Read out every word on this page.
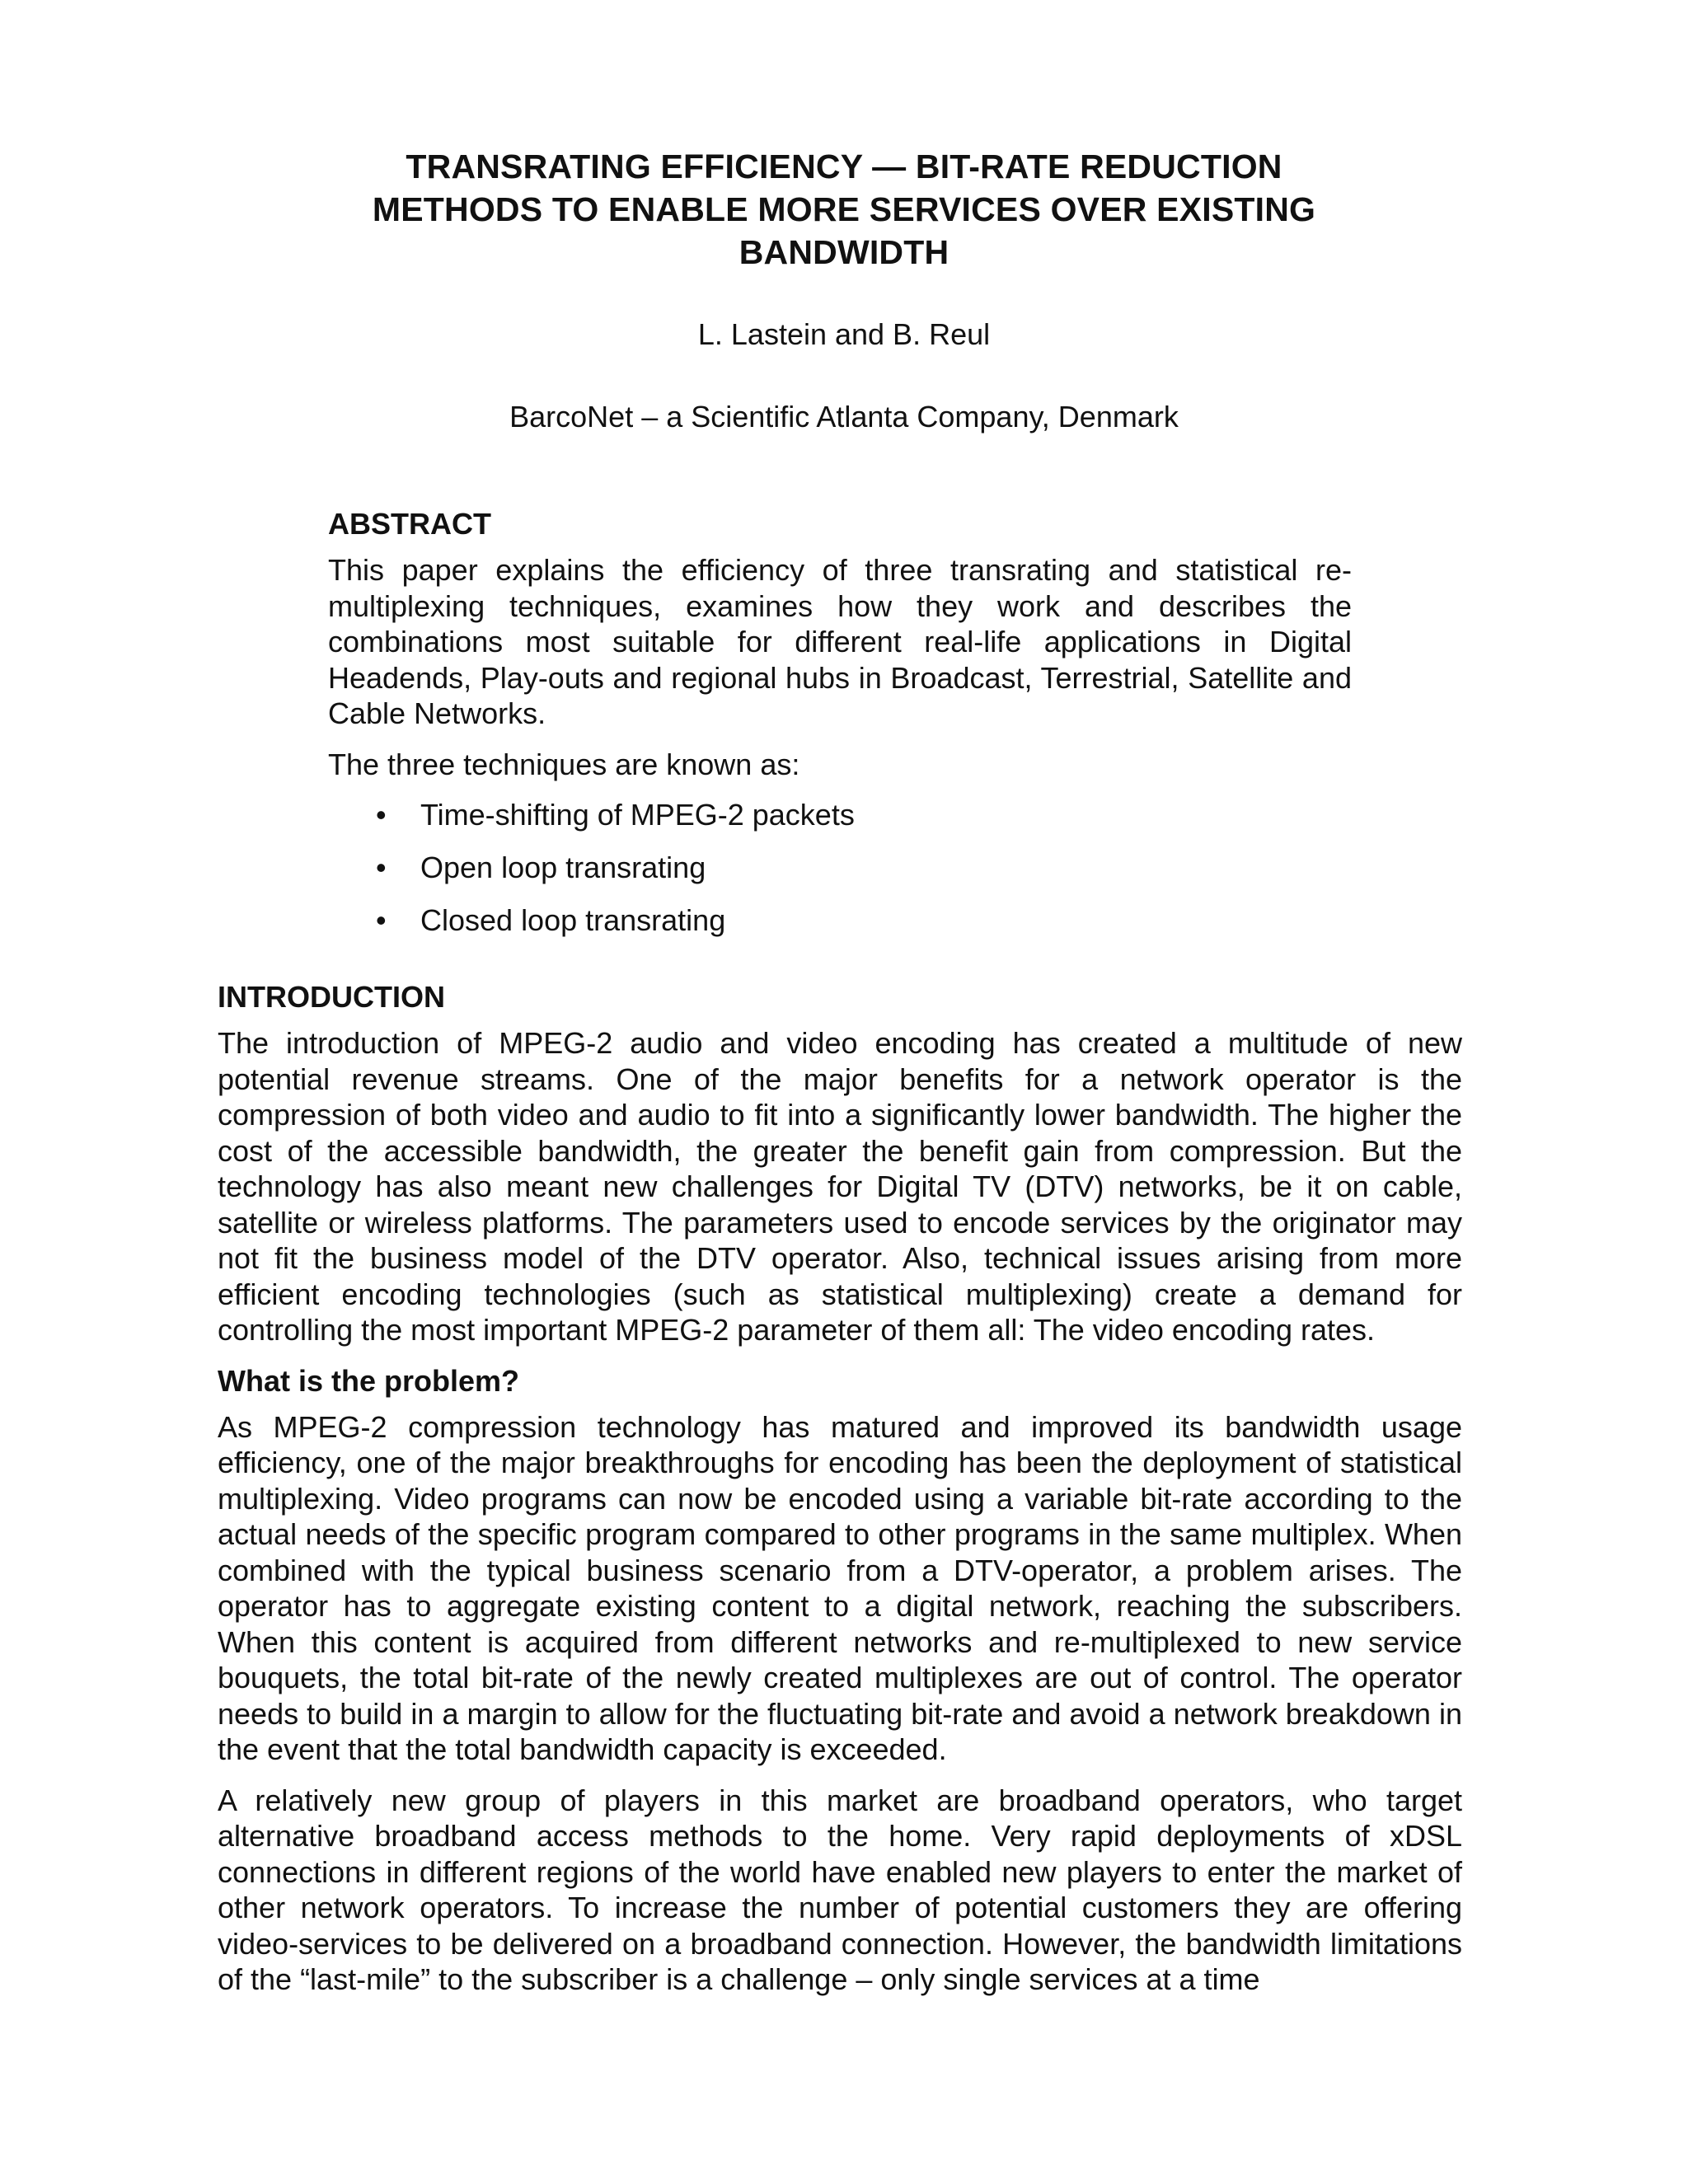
TRANSRATING EFFICIENCY — BIT-RATE REDUCTION
METHODS TO ENABLE MORE SERVICES OVER EXISTING
BANDWIDTH
L. Lastein and B. Reul
BarcoNet – a Scientific Atlanta Company, Denmark
ABSTRACT

This paper explains the efficiency of three transrating and statistical re-multiplexing techniques, examines how they work and describes the combinations most suitable for different real-life applications in Digital Headends, Play-outs and regional hubs in Broadcast, Terrestrial, Satellite and Cable Networks.

The three techniques are known as:

• Time-shifting of MPEG-2 packets
• Open loop transrating
• Closed loop transrating
INTRODUCTION

The introduction of MPEG-2 audio and video encoding has created a multitude of new potential revenue streams. One of the major benefits for a network operator is the compression of both video and audio to fit into a significantly lower bandwidth. The higher the cost of the accessible bandwidth, the greater the benefit gain from compression. But the technology has also meant new challenges for Digital TV (DTV) networks, be it on cable, satellite or wireless platforms. The parameters used to encode services by the originator may not fit the business model of the DTV operator. Also, technical issues arising from more efficient encoding technologies (such as statistical multiplexing) create a demand for controlling the most important MPEG-2 parameter of them all: The video encoding rates.

What is the problem?

As MPEG-2 compression technology has matured and improved its bandwidth usage efficiency, one of the major breakthroughs for encoding has been the deployment of statistical multiplexing. Video programs can now be encoded using a variable bit-rate according to the actual needs of the specific program compared to other programs in the same multiplex. When combined with the typical business scenario from a DTV-operator, a problem arises. The operator has to aggregate existing content to a digital network, reaching the subscribers. When this content is acquired from different networks and re-multiplexed to new service bouquets, the total bit-rate of the newly created multiplexes are out of control. The operator needs to build in a margin to allow for the fluctuating bit-rate and avoid a network breakdown in the event that the total bandwidth capacity is exceeded.

A relatively new group of players in this market are broadband operators, who target alternative broadband access methods to the home. Very rapid deployments of xDSL connections in different regions of the world have enabled new players to enter the market of other network operators. To increase the number of potential customers they are offering video-services to be delivered on a broadband connection. However, the bandwidth limitations of the “last-mile” to the subscriber is a challenge – only single services at a time
